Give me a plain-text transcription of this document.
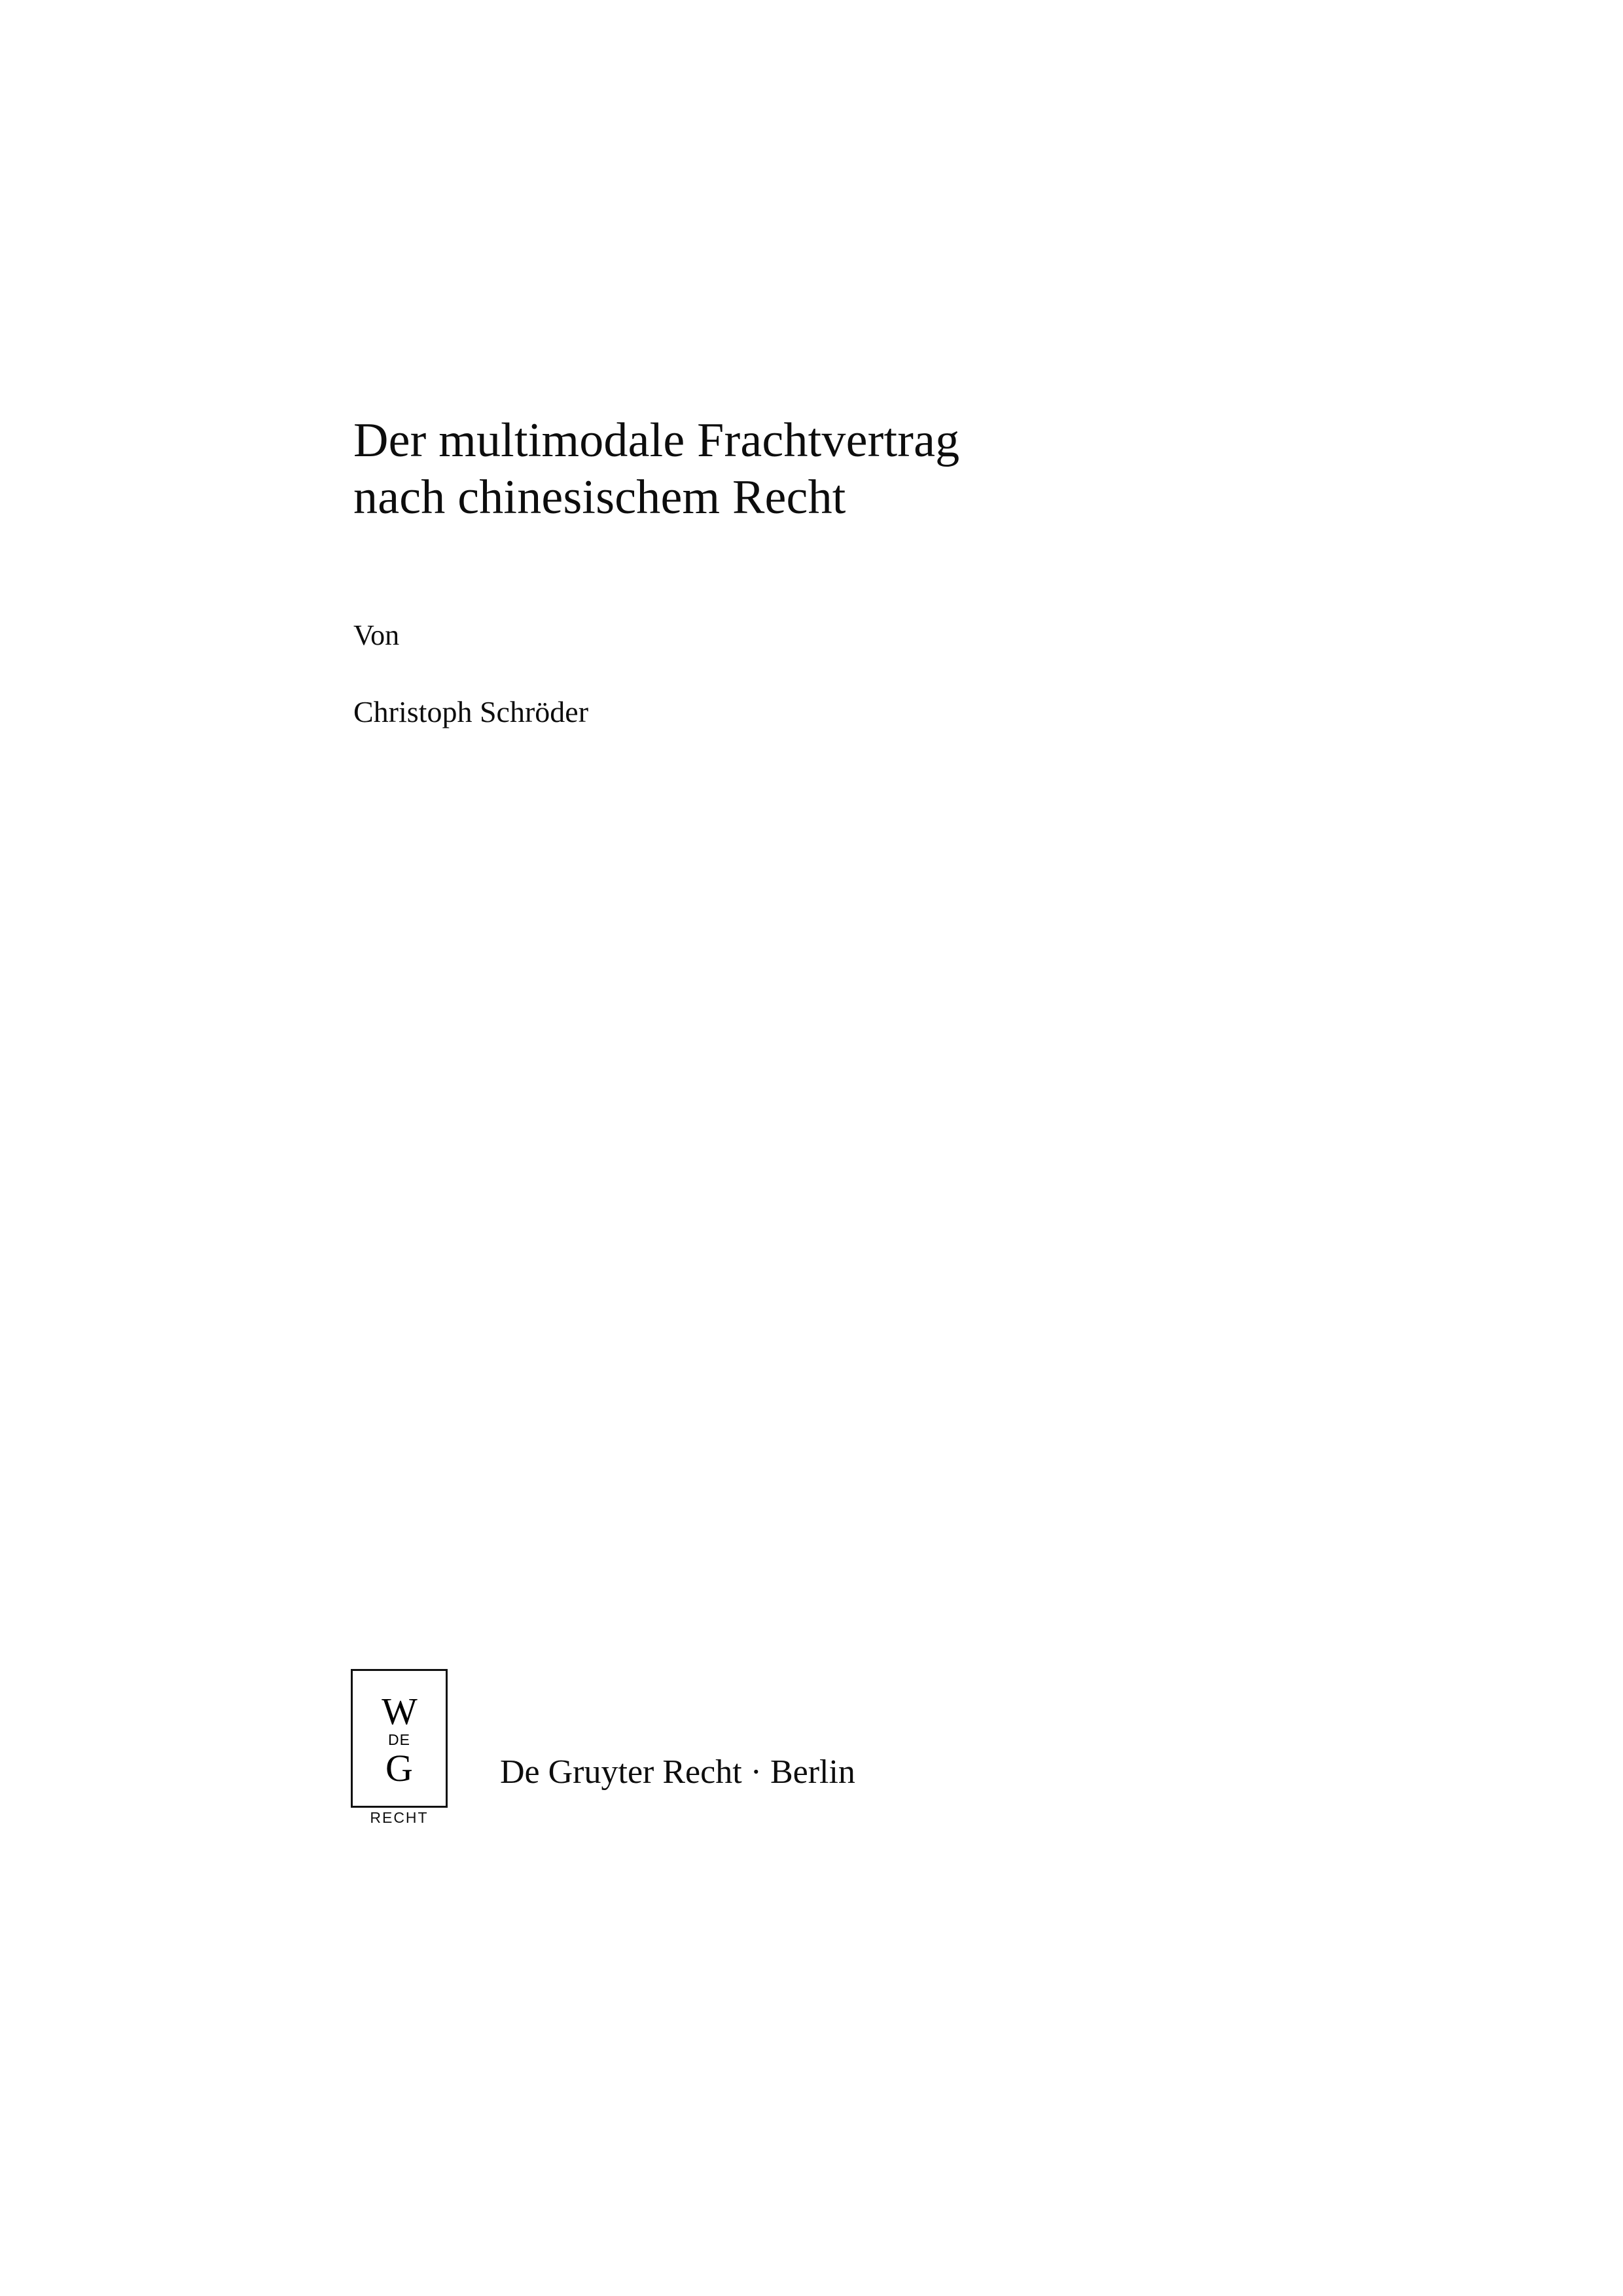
Der multimodale Frachtvertrag
nach chinesischem Recht
Von
Christoph Schröder
W
DE
G
RECHT
De Gruyter Recht · Berlin
